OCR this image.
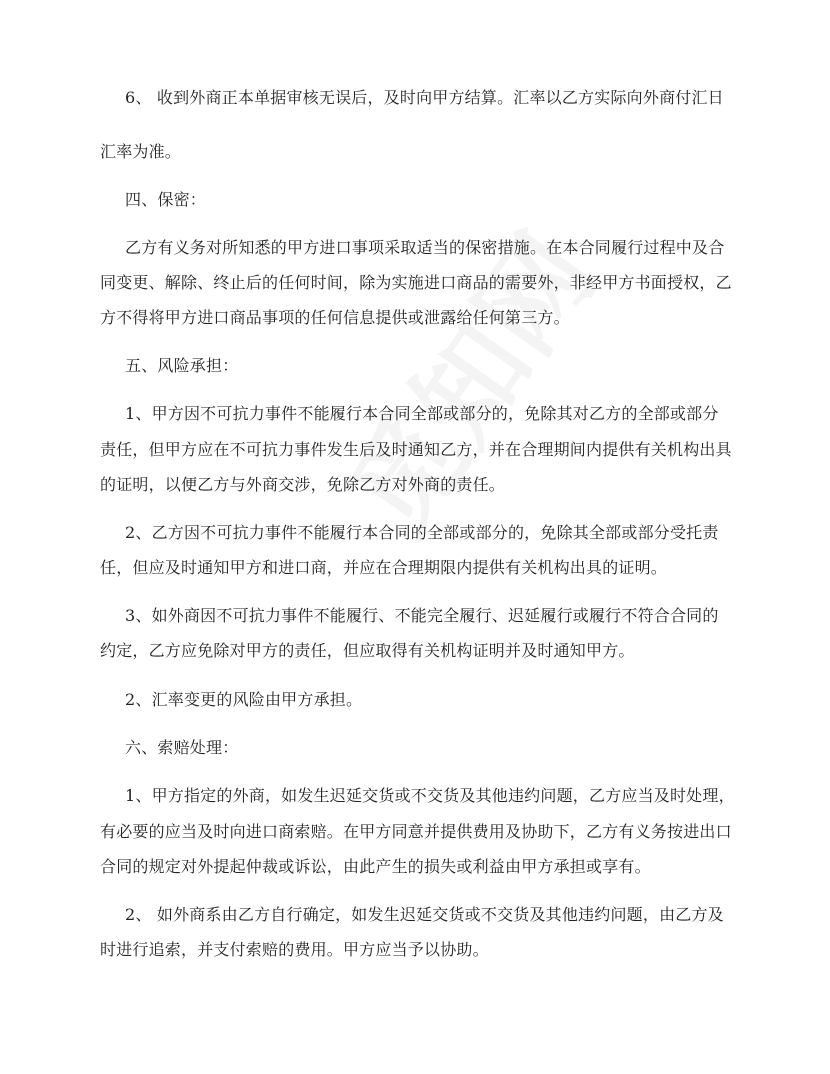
6、 收到外商正本单据审核无误后，及时向甲方结算。汇率以乙方实际向外商付汇日
汇率为准。
四、保密：
乙方有义务对所知悉的甲方进口事项采取适当的保密措施。在本合同履行过程中及合
同变更、解除、终止后的任何时间，除为实施进口商品的需要外，非经甲方书面授权，乙
方不得将甲方进口商品事项的任何信息提供或泄露给任何第三方。
五、风险承担：
1、甲方因不可抗力事件不能履行本合同全部或部分的，免除其对乙方的全部或部分
责任，但甲方应在不可抗力事件发生后及时通知乙方，并在合理期间内提供有关机构出具
的证明，以便乙方与外商交涉，免除乙方对外商的责任。
2、乙方因不可抗力事件不能履行本合同的全部或部分的，免除其全部或部分受托责
任，但应及时通知甲方和进口商，并应在合理期限内提供有关机构出具的证明。
3、如外商因不可抗力事件不能履行、不能完全履行、迟延履行或履行不符合合同的
约定，乙方应免除对甲方的责任，但应取得有关机构证明并及时通知甲方。
2、汇率变更的风险由甲方承担。
六、索赔处理：
1、甲方指定的外商，如发生迟延交货或不交货及其他违约问题，乙方应当及时处理，
有必要的应当及时向进口商索赔。在甲方同意并提供费用及协助下，乙方有义务按进出口
合同的规定对外提起仲裁或诉讼，由此产生的损失或利益由甲方承担或享有。
2、 如外商系由乙方自行确定，如发生迟延交货或不交货及其他违约问题，由乙方及
时进行追索，并支付索赔的费用。甲方应当予以协助。
